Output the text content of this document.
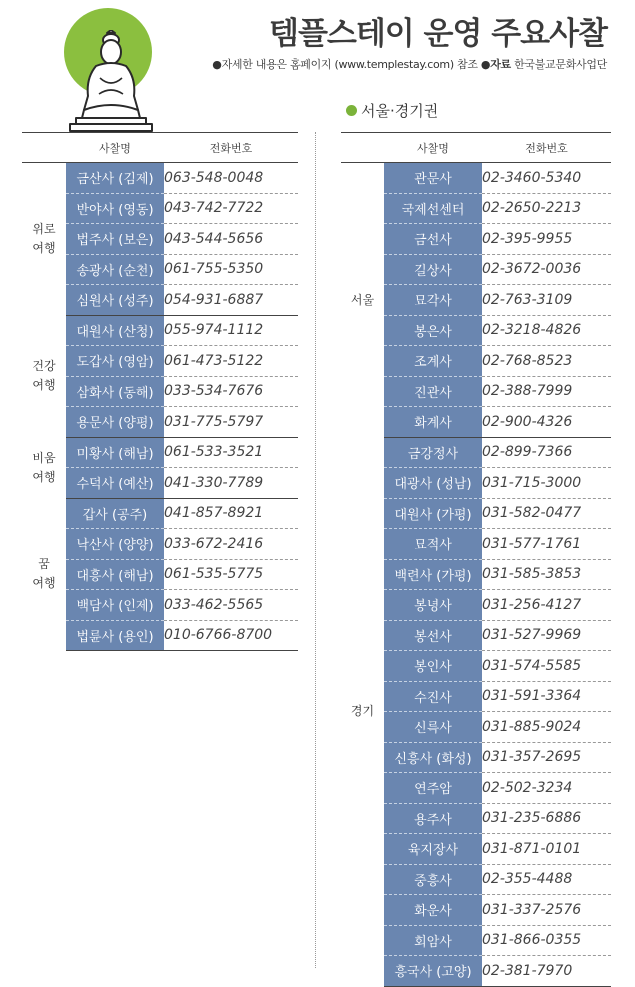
템플스테이 운영 주요사찰
●자세한 내용은 홈페이지 (www.templestay.com) 참조 ●자료 한국불교문화사업단
서울·경기권
	사찰명	전화번호
위로
여행	금산사 (김제)	063-548-0048
	반야사 (영동)	043-742-7722
	법주사 (보은)	043-544-5656
	송광사 (순천)	061-755-5350
	심원사 (성주)	054-931-6887
건강
여행	대원사 (산청)	055-974-1112
	도갑사 (영암)	061-473-5122
	삼화사 (동해)	033-534-7676
	용문사 (양평)	031-775-5797
비움
여행	미황사 (해남)	061-533-3521
	수덕사 (예산)	041-330-7789
꿈
여행	갑사 (공주)	041-857-8921
	낙산사 (양양)	033-672-2416
	대흥사 (해남)	061-535-5775
	백담사 (인제)	033-462-5565
	법륜사 (용인)	010-6766-8700
	사찰명	전화번호
서울	관문사	02-3460-5340
	국제선센터	02-2650-2213
	금선사	02-395-9955
	길상사	02-3672-0036
	묘각사	02-763-3109
	봉은사	02-3218-4826
	조계사	02-768-8523
	진관사	02-388-7999
	화계사	02-900-4326
경기	금강정사	02-899-7366
	대광사 (성남)	031-715-3000
	대원사 (가평)	031-582-0477
	묘적사	031-577-1761
	백련사 (가평)	031-585-3853
	봉녕사	031-256-4127
	봉선사	031-527-9969
	봉인사	031-574-5585
	수진사	031-591-3364
	신륵사	031-885-9024
	신흥사 (화성)	031-357-2695
	연주암	02-502-3234
	용주사	031-235-6886
	육지장사	031-871-0101
	중흥사	02-355-4488
	화운사	031-337-2576
	회암사	031-866-0355
	흥국사 (고양)	02-381-7970
